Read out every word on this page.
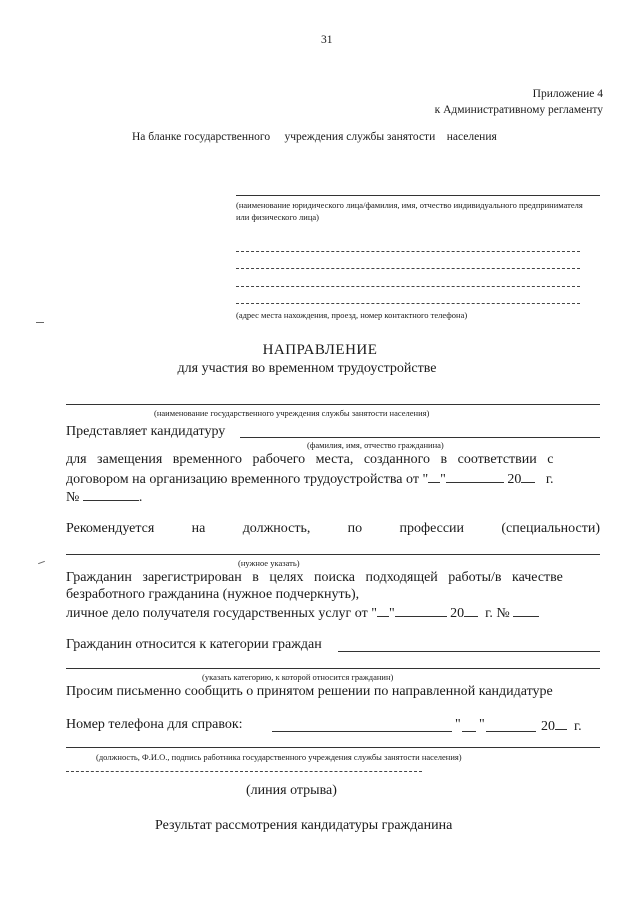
31
Приложение 4
к Административному регламенту
На бланке государственного     учреждения службы занятости    населения
(наименование юридического лица/фамилия, имя, отчество индивидуального предпринимателя или физического лица)
(адрес места нахождения, проезд, номер контактного телефона)
НАПРАВЛЕНИЕ
для участия во временном трудоустройстве
(наименование государственного учреждения службы занятости населения)
Представляет кандидатуру
(фамилия, имя, отчество гражданина)
для   замещения   временного   рабочего   места,   созданного   в   соответствии   с
договором на организацию временного трудоустройства от " "	20 г.
№	.
Рекомендуется	на	должность,	по	профессии	(специальности)
(нужное указать)
Гражданин   зарегистрирован   в   целях   поиска   подходящей   работы/в   качестве
безработного гражданина (нужное подчеркнуть),
личное дело получателя государственных услуг от " "	20 г. №
Гражданин относится к категории граждан
(указать категорию, к которой относится гражданин)
Просим письменно сообщить о принятом решении по направленной кандидатуре
Номер телефона для справок:	" "	20 г.
(должность, Ф.И.О., подпись работника государственного учреждения службы занятости населения)
(линия отрыва)
Результат рассмотрения кандидатуры гражданина
